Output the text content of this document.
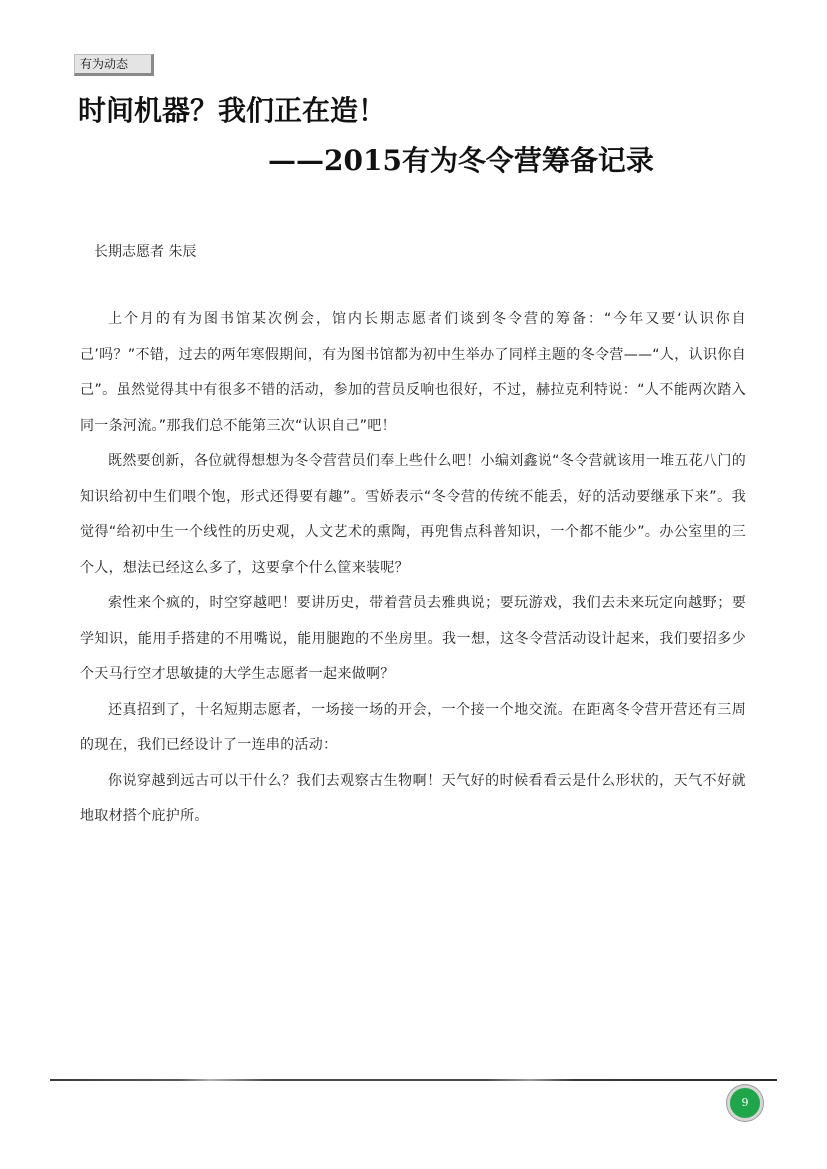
有为动态
时间机器？我们正在造！
——2015有为冬令营筹备记录
长期志愿者 朱辰

上个月的有为图书馆某次例会，馆内长期志愿者们谈到冬令营的筹备：“今年又要‘认识你自己’吗？”不错，过去的两年寒假期间，有为图书馆都为初中生举办了同样主题的冬令营——“人，认识你自己”。虽然觉得其中有很多不错的活动，参加的营员反响也很好，不过，赫拉克利特说：“人不能两次踏入同一条河流。”那我们总不能第三次“认识自己”吧！

既然要创新，各位就得想想为冬令营营员们奉上些什么吧！小编刘鑫说“冬令营就该用一堆五花八门的知识给初中生们喂个饱，形式还得要有趣”。雪娇表示“冬令营的传统不能丢，好的活动要继承下来”。我觉得“给初中生一个线性的历史观，人文艺术的熏陶，再兜售点科普知识，一个都不能少”。办公室里的三个人，想法已经这么多了，这要拿个什么筐来装呢？

索性来个疯的，时空穿越吧！要讲历史，带着营员去雅典说；要玩游戏，我们去未来玩定向越野；要学知识，能用手搭建的不用嘴说，能用腿跑的不坐房里。我一想，这冬令营活动设计起来，我们要招多少个天马行空才思敏捷的大学生志愿者一起来做啊？

还真招到了，十名短期志愿者，一场接一场的开会，一个接一个地交流。在距离冬令营开营还有三周的现在，我们已经设计了一连串的活动：

你说穿越到远古可以干什么？我们去观察古生物啊！天气好的时候看看云是什么形状的，天气不好就地取材搭个庇护所。

9
